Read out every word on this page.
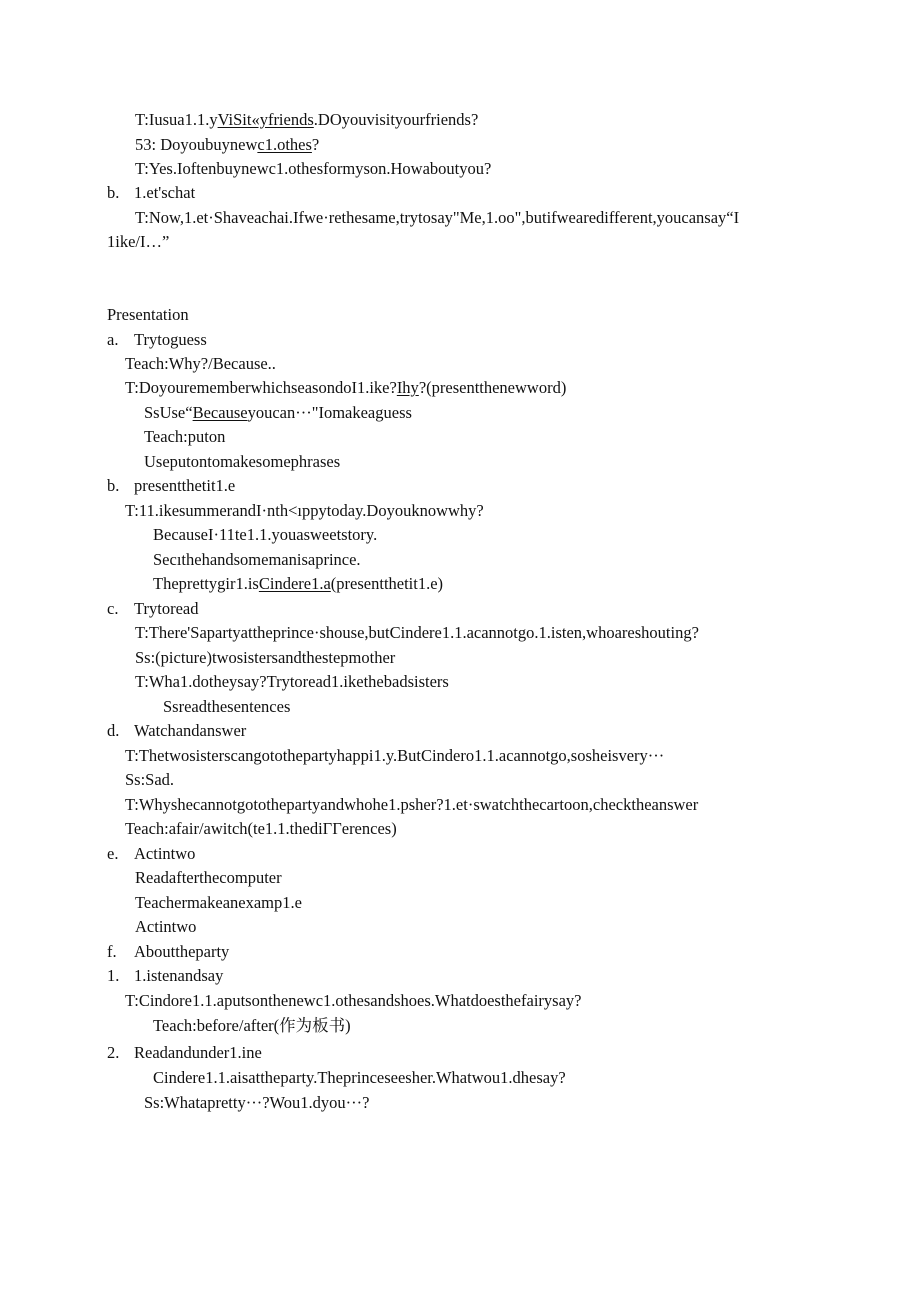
T:Iusua1.1.yViSit«yfriends.DOyouvisityourfriends?
53: Doyoubuynewc1.othes?
T:Yes.Ioftenbuynewc1.othesformyson.Howaboutyou?
b. 1.et'schat
T:Now,1.et·Shaveachai.Ifwe·rethesame,trytosay"Me,1.oo",butifwearedifferent,youcansay“I
1ike/I…”
Presentation
a. Trytoguess
Teach:Why?/Because..
T:DoyourememberwhichseasondoI1.ike?Ihy?(presentthenewword)
SsUse“Becauseyoucan···"Iomakeaguess
Teach:puton
Useputontomakesomephrases
b. presentthetit1.e
T:11.ikesummerandI·nth<ıppytoday.Doyouknowwhy?
BecauseI·11te1.1.youasweetstory.
Secıthehandsomemanisaprince.
Theprettygir1.isCindere1.a(presentthetit1.e)
c. Trytoread
T:There'Sapartyattheprince·shouse,butCindere1.1.acannotgo.1.isten,whoareshouting?
Ss:(picture)twosistersandthestepmother
T:Wha1.dotheysay?Trytoread1.ikethebadsisters
Ssreadthesentences
d. Watchandanswer
T:Thetwosisterscangotothepartyhappi1.y.ButCindero1.1.acannotgo,sosheisvery···
Ss:Sad.
T:Whyshecannotgotothepartyandwhohe1.psher?1.et·swatchthecartoon,checktheanswer
Teach:afair/awitch(te1.1.thediΓΓerences)
e. Actintwo
Readafterthecomputer
Teachermakeanexamp1.e
Actintwo
f. Abouttheparty
1. 1.istenandsay
T:Cindore1.1.aputsonthenewc1.othesandshoes.Whatdoesthefairysay?
Teach:before/after(作为板书)
2. Readandunder1.ine
Cindere1.1.aisattheparty.Theprinceseesher.Whatwou1.dhesay?
Ss:Whatapretty···?Wou1.dyou···?
